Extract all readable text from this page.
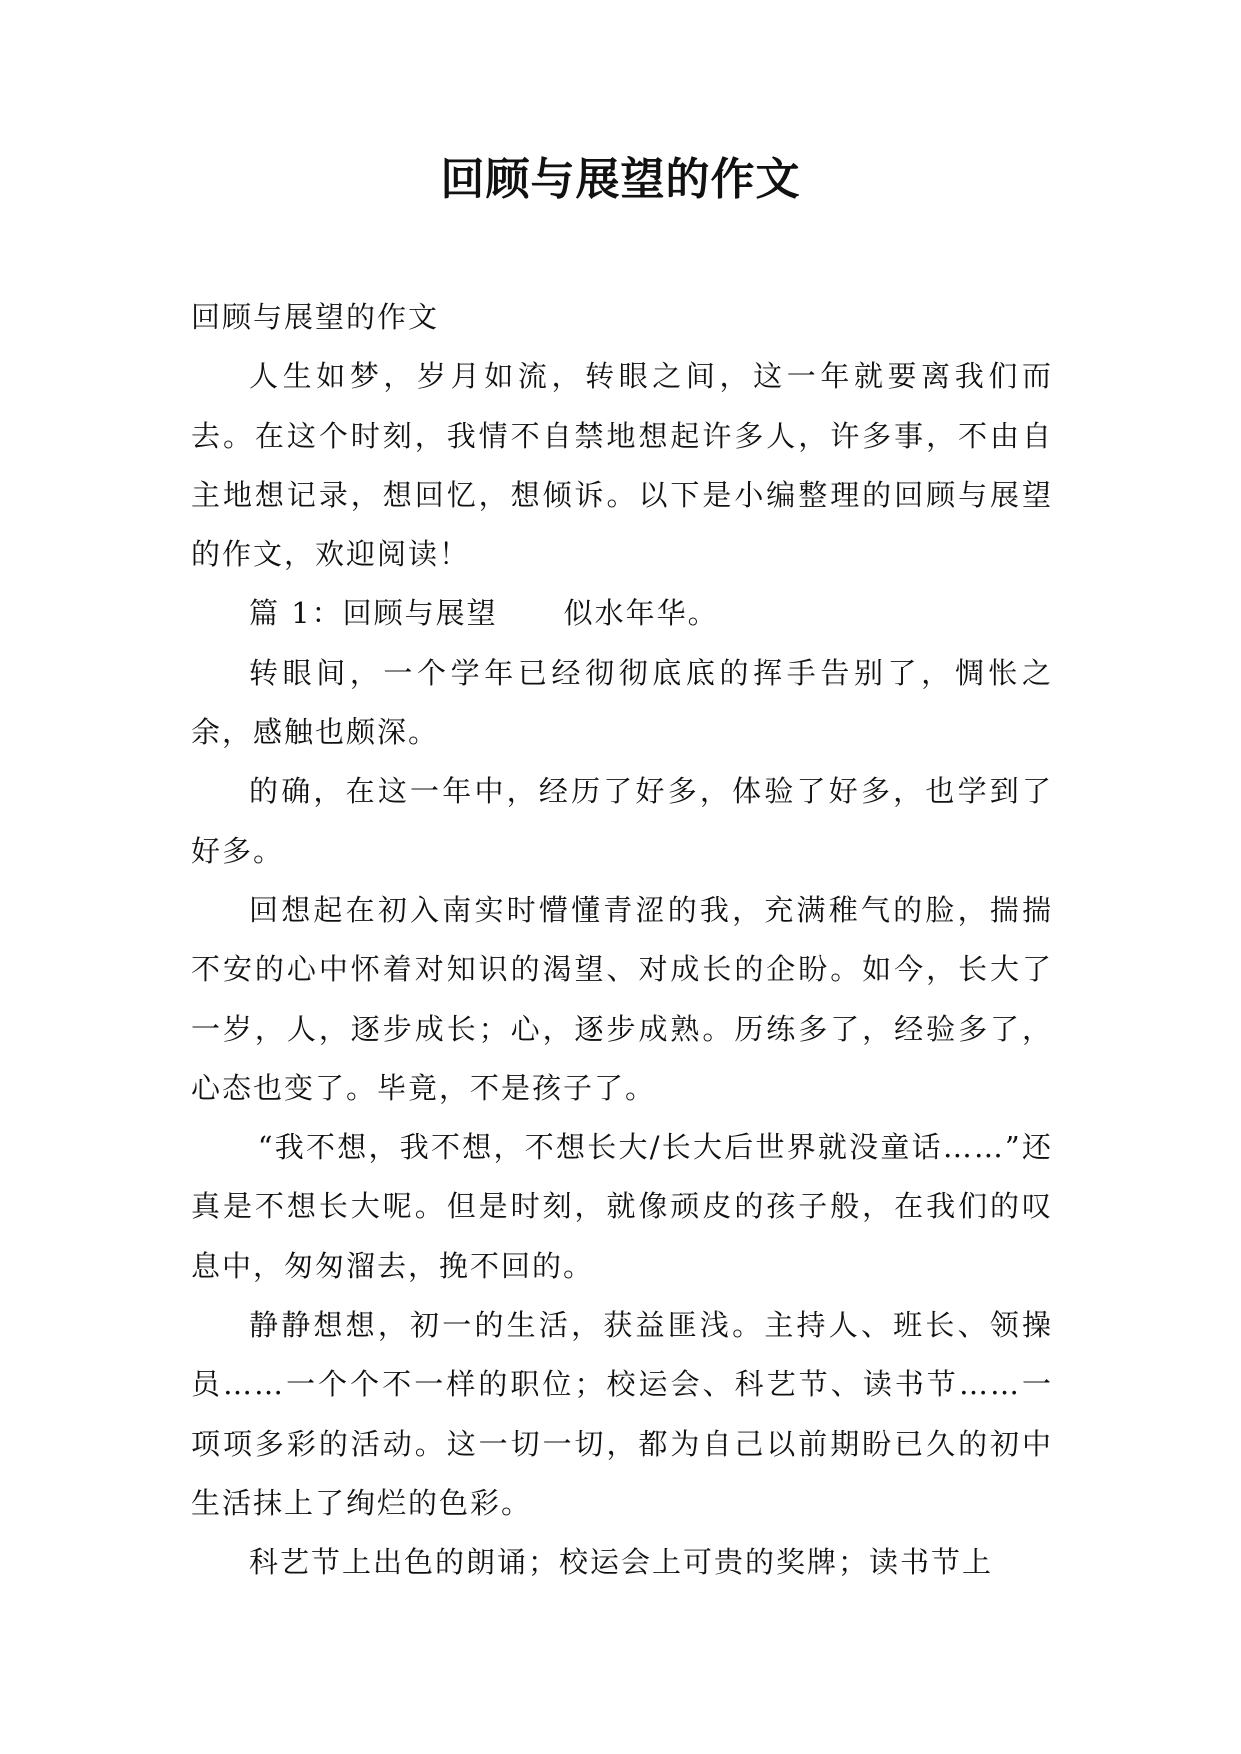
回顾与展望的作文

回顾与展望的作文

人生如梦，岁月如流，转眼之间，这一年就要离我们而去。在这个时刻，我情不自禁地想起许多人，许多事，不由自主地想记录，想回忆，想倾诉。以下是小编整理的回顾与展望的作文，欢迎阅读！

篇 1：回顾与展望 似水年华。

转眼间，一个学年已经彻彻底底的挥手告别了，惆怅之余，感触也颇深。

的确，在这一年中，经历了好多，体验了好多，也学到了好多。

回想起在初入南实时懵懂青涩的我，充满稚气的脸，揣揣不安的心中怀着对知识的渴望、对成长的企盼。如今，长大了一岁，人，逐步成长；心，逐步成熟。历练多了，经验多了，心态也变了。毕竟，不是孩子了。

“我不想，我不想，不想长大/长大后世界就没童话……”还真是不想长大呢。但是时刻，就像顽皮的孩子般，在我们的叹息中，匆匆溜去，挽不回的。

静静想想，初一的生活，获益匪浅。主持人、班长、领操员……一个个不一样的职位；校运会、科艺节、读书节……一项项多彩的活动。这一切一切，都为自己以前期盼已久的初中生活抹上了绚烂的色彩。

科艺节上出色的朗诵；校运会上可贵的奖牌；读书节上
